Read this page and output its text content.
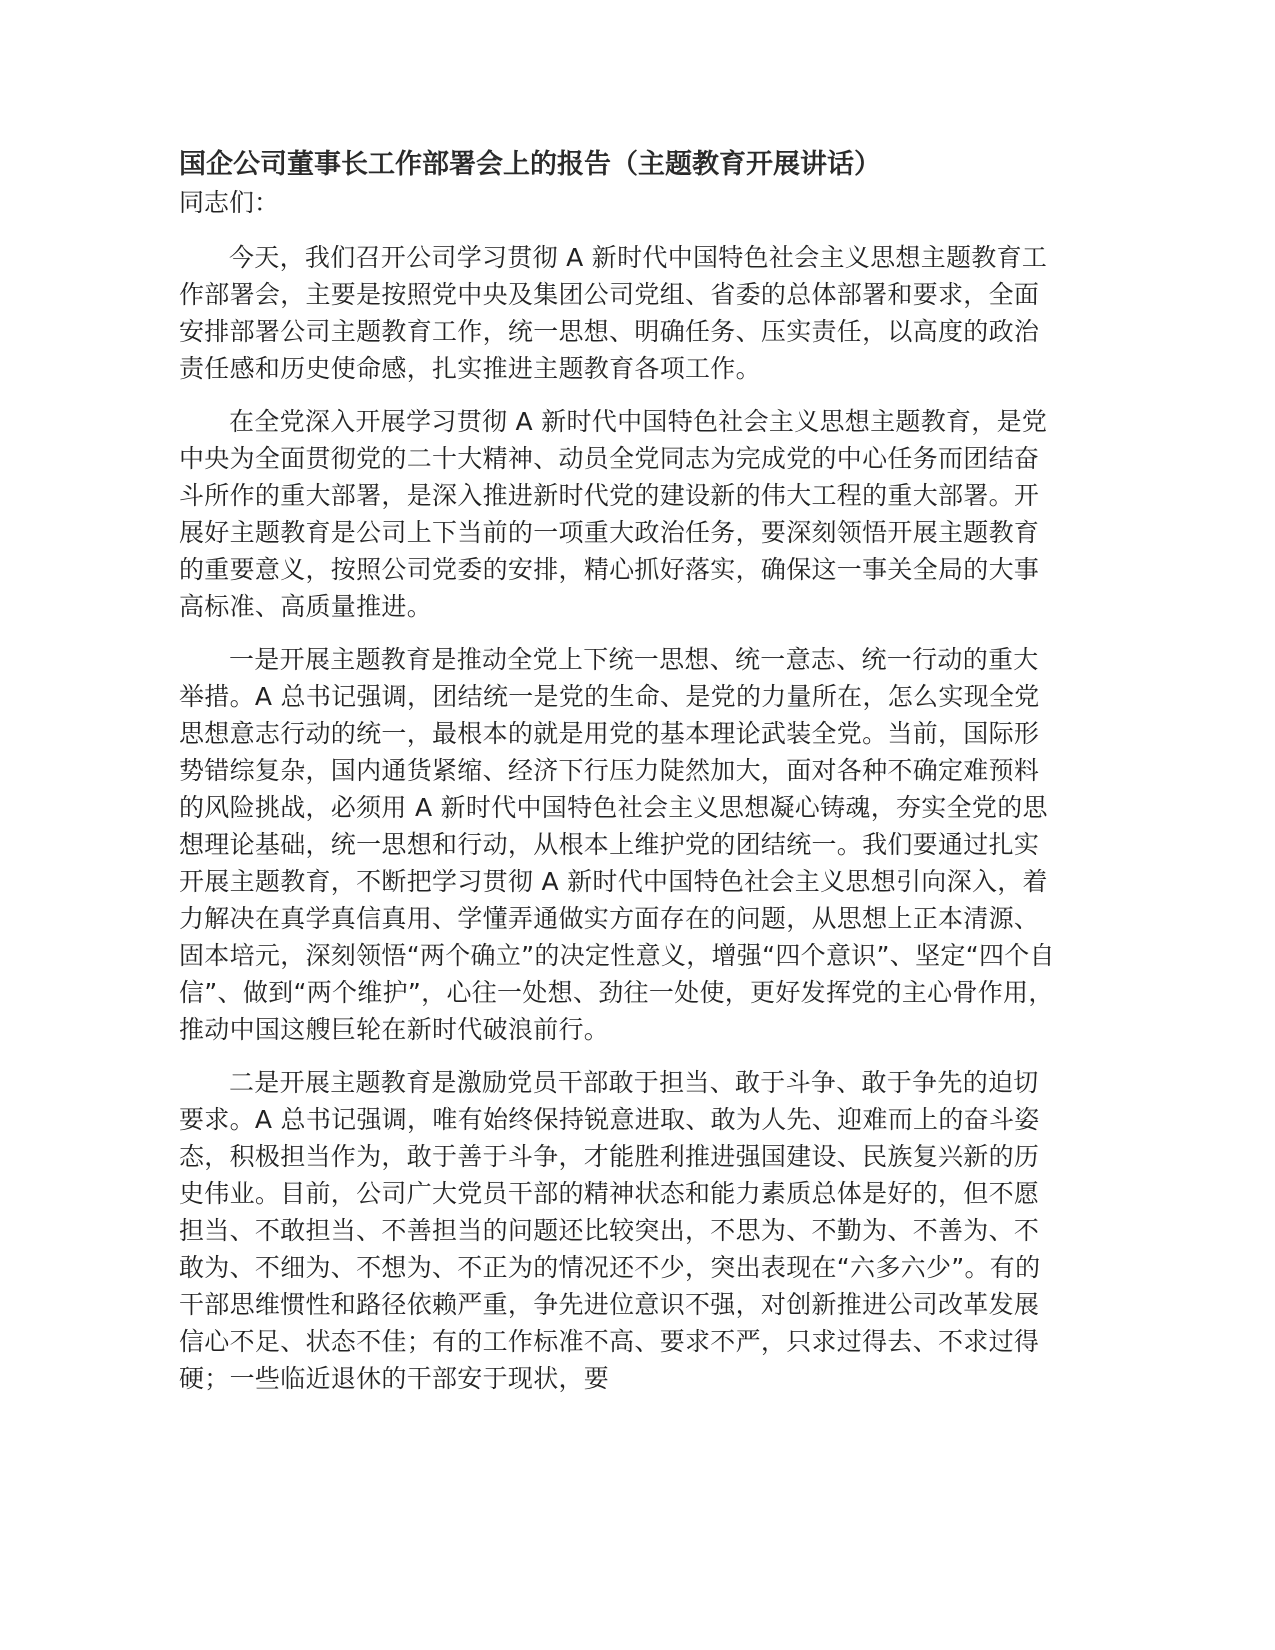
国企公司董事长工作部署会上的报告（主题教育开展讲话）

同志们：

今天，我们召开公司学习贯彻 A 新时代中国特色社会主义思想主题教育工作部署会，主要是按照党中央及集团公司党组、省委的总体部署和要求，全面安排部署公司主题教育工作，统一思想、明确任务、压实责任，以高度的政治责任感和历史使命感，扎实推进主题教育各项工作。

在全党深入开展学习贯彻 A 新时代中国特色社会主义思想主题教育，是党中央为全面贯彻党的二十大精神、动员全党同志为完成党的中心任务而团结奋斗所作的重大部署，是深入推进新时代党的建设新的伟大工程的重大部署。开展好主题教育是公司上下当前的一项重大政治任务，要深刻领悟开展主题教育的重要意义，按照公司党委的安排，精心抓好落实，确保这一事关全局的大事高标准、高质量推进。

一是开展主题教育是推动全党上下统一思想、统一意志、统一行动的重大举措。A 总书记强调，团结统一是党的生命、是党的力量所在，怎么实现全党思想意志行动的统一，最根本的就是用党的基本理论武装全党。当前，国际形势错综复杂，国内通货紧缩、经济下行压力陡然加大，面对各种不确定难预料的风险挑战，必须用 A 新时代中国特色社会主义思想凝心铸魂，夯实全党的思想理论基础，统一思想和行动，从根本上维护党的团结统一。我们要通过扎实开展主题教育，不断把学习贯彻 A 新时代中国特色社会主义思想引向深入，着力解决在真学真信真用、学懂弄通做实方面存在的问题，从思想上正本清源、固本培元，深刻领悟“两个确立”的决定性意义，增强“四个意识”、坚定“四个自信”、做到“两个维护”，心往一处想、劲往一处使，更好发挥党的主心骨作用，推动中国这艘巨轮在新时代破浪前行。

二是开展主题教育是激励党员干部敢于担当、敢于斗争、敢于争先的迫切要求。A 总书记强调，唯有始终保持锐意进取、敢为人先、迎难而上的奋斗姿态，积极担当作为，敢于善于斗争，才能胜利推进强国建设、民族复兴新的历史伟业。目前，公司广大党员干部的精神状态和能力素质总体是好的，但不愿担当、不敢担当、不善担当的问题还比较突出，不思为、不勤为、不善为、不敢为、不细为、不想为、不正为的情况还不少，突出表现在“六多六少”。有的干部思维惯性和路径依赖严重，争先进位意识不强，对创新推进公司改革发展信心不足、状态不佳；有的工作标准不高、要求不严，只求过得去、不求过得硬；一些临近退休的干部安于现状，要
